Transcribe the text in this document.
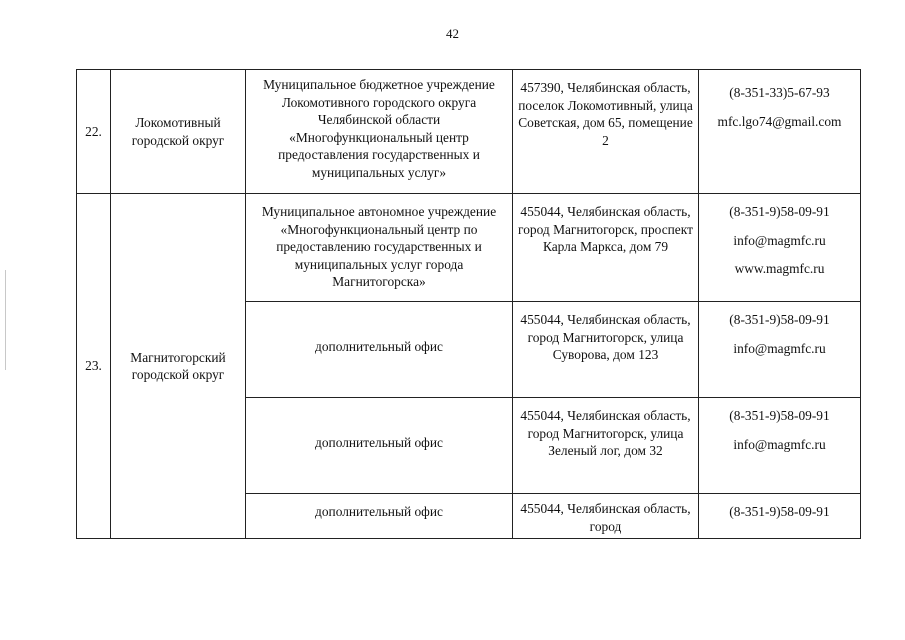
42
22.	Локомотивный городской округ	Муниципальное бюджетное учреждение Локомотивного городского округа Челябинской области «Многофункциональный центр предоставления государственных и муниципальных услуг»	457390, Челябинская область, поселок Локомотивный, улица Советская, дом 65, помещение 2	(8-351-33)5-67-93
mfc.lgo74@gmail.com

23.	Магнитогорский городской округ	Муниципальное автономное учреждение «Многофункциональный центр по предоставлению государственных и муниципальных услуг города Магнитогорска»	455044, Челябинская область, город Магнитогорск, проспект Карла Маркса, дом 79	(8-351-9)58-09-91
info@magmfc.ru
www.magmfc.ru

		дополнительный офис	455044, Челябинская область, город Магнитогорск, улица Суворова, дом 123	(8-351-9)58-09-91
info@magmfc.ru

		дополнительный офис	455044, Челябинская область, город Магнитогорск, улица Зеленый лог, дом 32	(8-351-9)58-09-91
info@magmfc.ru

		дополнительный офис	455044, Челябинская область, город	(8-351-9)58-09-91
